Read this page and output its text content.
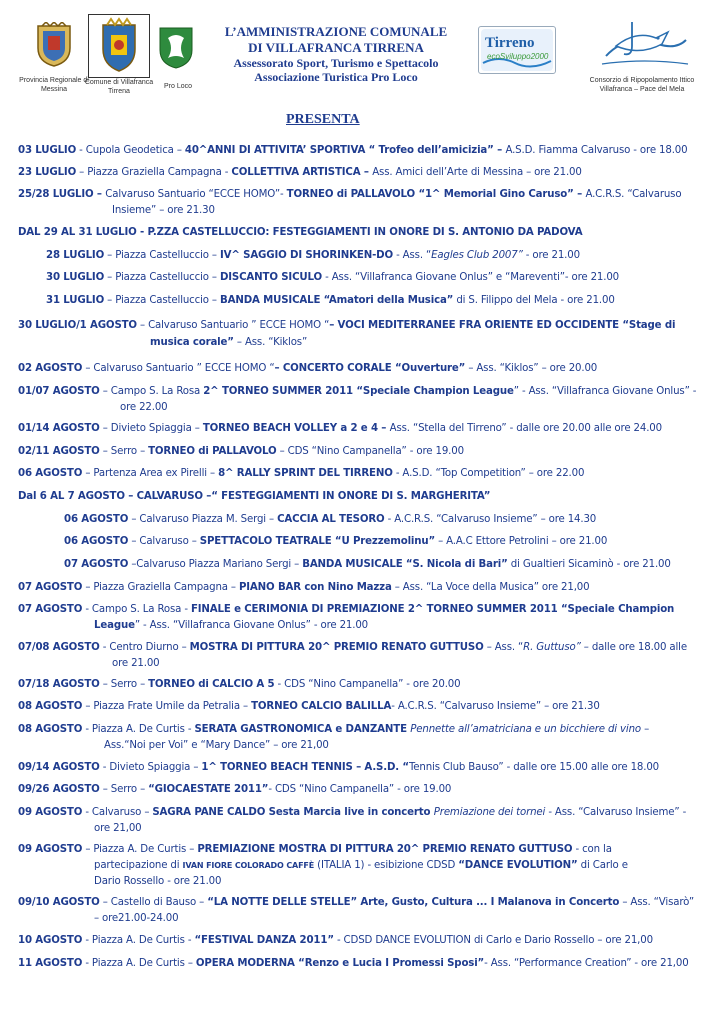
Provincia Regionale di Messina
Comune di Villafranca Tirrena
Pro Loco
Tirreno
ecoSviluppo2000
Consorzio di Ripopolamento Ittico Villafranca – Pace del Mela
L’AMMINISTRAZIONE COMUNALE
DI VILLAFRANCA TIRRENA
Assessorato Sport, Turismo e Spettacolo
Associazione Turistica Pro Loco
PRESENTA
03 LUGLIO - Cupola Geodetica – 40^ANNI DI ATTIVITA’ SPORTIVA “ Trofeo dell’amicizia” – A.S.D. Fiamma Calvaruso - ore 18.00
23 LUGLIO – Piazza Graziella Campagna - COLLETTIVA ARTISTICA – Ass. Amici dell’Arte di Messina – ore 21.00
25/28 LUGLIO – Calvaruso Santuario “ECCE HOMO”- TORNEO di PALLAVOLO “1^ Memorial Gino Caruso” – A.C.R.S. “Calvaruso
Insieme” – ore 21.30
DAL 29 AL 31 LUGLIO - P.ZZA CASTELLUCCIO: FESTEGGIAMENTI IN ONORE DI S. ANTONIO DA PADOVA
28 LUGLIO – Piazza Castelluccio – IV^ SAGGIO DI SHORINKEN-DO - Ass. “Eagles Club 2007” - ore 21.00
30 LUGLIO – Piazza Castelluccio – DISCANTO SICULO - Ass. “Villafranca Giovane Onlus” e “Mareventi”- ore 21.00
31 LUGLIO – Piazza Castelluccio – BANDA MUSICALE “Amatori della Musica” di S. Filippo del Mela - ore 21.00
30 LUGLIO/1 AGOSTO – Calvaruso Santuario ” ECCE HOMO “– VOCI MEDITERRANEE FRA ORIENTE ED OCCIDENTE “Stage di
musica corale” – Ass. “Kiklos”
02 AGOSTO – Calvaruso Santuario ” ECCE HOMO “– CONCERTO CORALE “Ouverture” – Ass. “Kiklos” – ore 20.00
01/07 AGOSTO – Campo S. La Rosa 2^ TORNEO SUMMER 2011 “Speciale Champion League” - Ass. “Villafranca Giovane Onlus” -
ore 22.00
01/14 AGOSTO – Divieto Spiaggia – TORNEO BEACH VOLLEY a 2 e 4 – Ass. “Stella del Tirreno” - dalle ore 20.00 alle ore 24.00
02/11 AGOSTO – Serro – TORNEO di PALLAVOLO – CDS “Nino Campanella” - ore 19.00
06 AGOSTO – Partenza Area ex Pirelli – 8^ RALLY SPRINT DEL TIRRENO - A.S.D. “Top Competition” – ore 22.00
Dal 6 AL 7 AGOSTO – CALVARUSO –“ FESTEGGIAMENTI IN ONORE DI S. MARGHERITA”
06 AGOSTO – Calvaruso Piazza M. Sergi – CACCIA AL TESORO - A.C.R.S. “Calvaruso Insieme” – ore 14.30
06 AGOSTO – Calvaruso – SPETTACOLO TEATRALE “U Prezzemolinu” – A.A.C Ettore Petrolini – ore 21.00
07 AGOSTO –Calvaruso Piazza Mariano Sergi – BANDA MUSICALE “S. Nicola di Bari” di Gualtieri Sicaminò - ore 21.00
07 AGOSTO – Piazza Graziella Campagna – PIANO BAR con Nino Mazza – Ass. “La Voce della Musica” ore 21,00
07 AGOSTO - Campo S. La Rosa - FINALE e CERIMONIA DI PREMIAZIONE 2^ TORNEO SUMMER 2011 “Speciale Champion
League” - Ass. “Villafranca Giovane Onlus” - ore 21.00
07/08 AGOSTO - Centro Diurno – MOSTRA DI PITTURA 20^ PREMIO RENATO GUTTUSO – Ass. “R. Guttuso” – dalle ore 18.00 alle
ore 21.00
07/18 AGOSTO – Serro – TORNEO di CALCIO A 5 - CDS “Nino Campanella” - ore 20.00
08 AGOSTO – Piazza Frate Umile da Petralia – TORNEO CALCIO BALILLA- A.C.R.S. “Calvaruso Insieme” – ore 21.30
08 AGOSTO - Piazza A. De Curtis - SERATA GASTRONOMICA e DANZANTE Pennette all’amatriciana e un bicchiere di vino –
Ass.“Noi per Voi” e “Mary Dance” – ore 21,00
09/14 AGOSTO - Divieto Spiaggia – 1^ TORNEO BEACH TENNIS – A.S.D. “Tennis Club Bauso” - dalle ore 15.00 alle ore 18.00
09/26 AGOSTO – Serro – “GIOCAESTATE 2011”- CDS “Nino Campanella” - ore 19.00
09 AGOSTO - Calvaruso – SAGRA PANE CALDO Sesta Marcia live in concerto Premiazione dei tornei - Ass. “Calvaruso Insieme” -
ore 21,00
09 AGOSTO – Piazza A. De Curtis – PREMIAZIONE MOSTRA DI PITTURA 20^ PREMIO RENATO GUTTUSO - con la
partecipazione di IVAN FIORE COLORADO CAFFÈ (ITALIA 1) - esibizione CDSD “DANCE EVOLUTION” di Carlo e
Dario Rossello - ore 21.00
09/10 AGOSTO – Castello di Bauso – “LA NOTTE DELLE STELLE” Arte, Gusto, Cultura ... I Malanova in Concerto – Ass. “Visarò”
– ore21.00-24.00
10 AGOSTO - Piazza A. De Curtis - “FESTIVAL DANZA 2011” - CDSD DANCE EVOLUTION di Carlo e Dario Rossello – ore 21,00
11 AGOSTO - Piazza A. De Curtis – OPERA MODERNA “Renzo e Lucia I Promessi Sposi”- Ass. “Performance Creation” - ore 21,00
